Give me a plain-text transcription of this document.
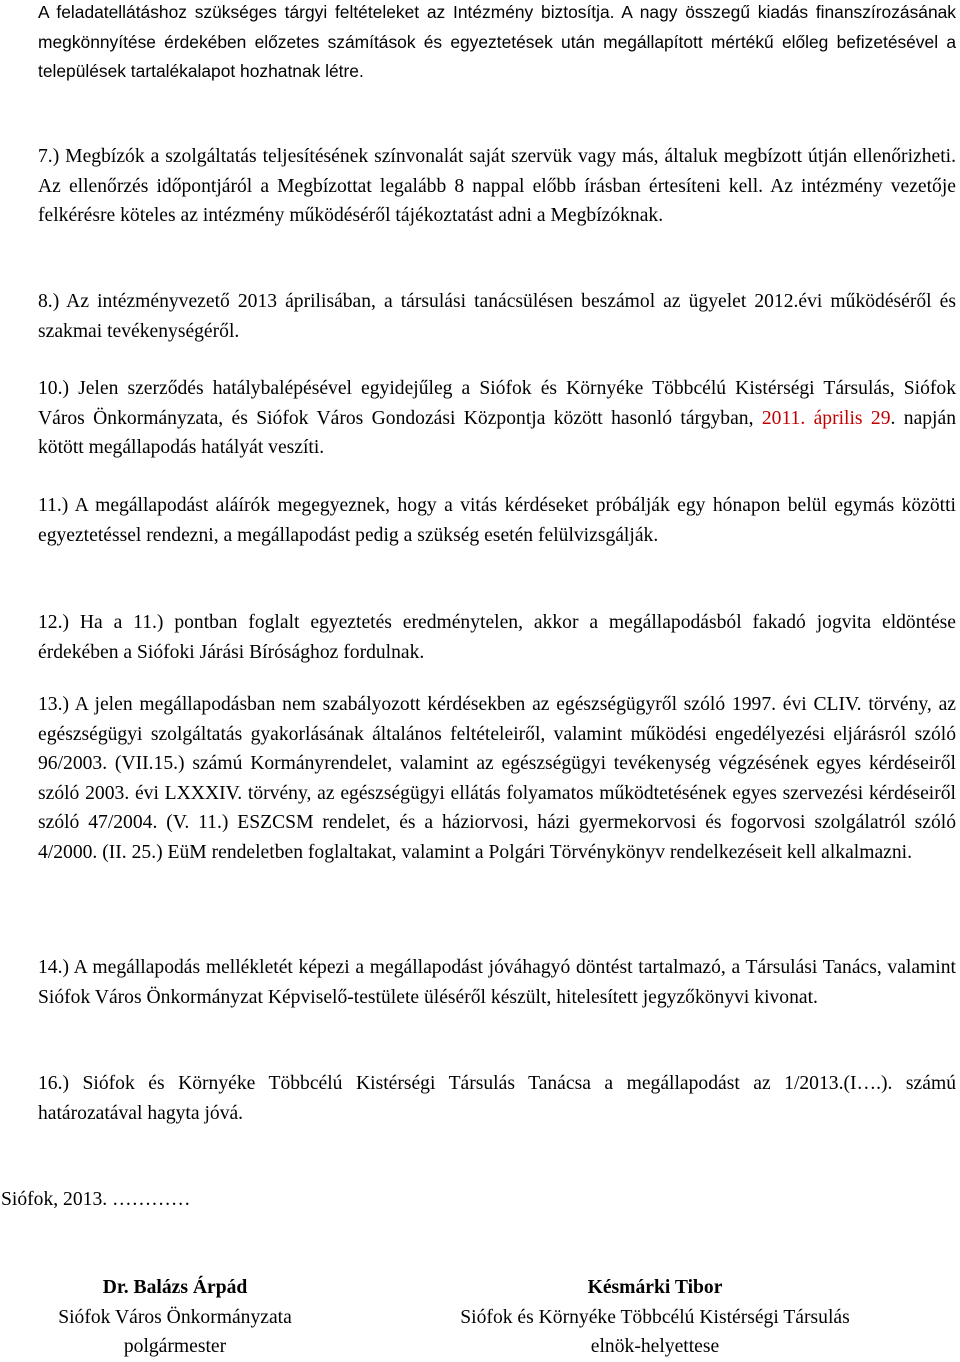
A feladatellátáshoz szükséges tárgyi feltételeket az Intézmény biztosítja. A nagy összegű kiadás finanszírozásának megkönnyítése érdekében előzetes számítások és egyeztetések után megállapított mértékű előleg befizetésével a települések tartalékalapot hozhatnak létre.

7.) Megbízók a szolgáltatás teljesítésének színvonalát saját szervük vagy más, általuk megbízott útján ellenőrizheti. Az ellenőrzés időpontjáról a Megbízottat legalább 8 nappal előbb írásban értesíteni kell. Az intézmény vezetője felkérésre köteles az intézmény működéséről tájékoztatást adni a Megbízóknak.

8.) Az intézményvezető 2013 áprilisában, a társulási tanácsülésen beszámol az ügyelet 2012.évi működéséről és szakmai tevékenységéről.

10.) Jelen szerződés hatálybalépésével egyidejűleg a Siófok és Környéke Többcélú Kistérségi Társulás, Siófok Város Önkormányzata, és Siófok Város Gondozási Központja között hasonló tárgyban, 2011. április 29. napján kötött megállapodás hatályát veszíti.

11.) A megállapodást aláírók megegyeznek, hogy a vitás kérdéseket próbálják egy hónapon belül egymás közötti egyeztetéssel rendezni, a megállapodást pedig a szükség esetén felülvizsgálják.

12.) Ha a 11.) pontban foglalt egyeztetés eredménytelen, akkor a megállapodásból fakadó jogvita eldöntése érdekében a Siófoki Járási Bírósághoz fordulnak.

13.) A jelen megállapodásban nem szabályozott kérdésekben az egészségügyről szóló 1997. évi CLIV. törvény, az egészségügyi szolgáltatás gyakorlásának általános feltételeiről, valamint működési engedélyezési eljárásról szóló 96/2003. (VII.15.) számú Kormányrendelet, valamint az egészségügyi tevékenység végzésének egyes kérdéseiről szóló 2003. évi LXXXIV. törvény, az egészségügyi ellátás folyamatos működtetésének egyes szervezési kérdéseiről szóló 47/2004. (V. 11.) ESZCSM rendelet, és a háziorvosi, házi gyermekorvosi és fogorvosi szolgálatról szóló 4/2000. (II. 25.) EüM rendeletben foglaltakat, valamint a Polgári Törvénykönyv rendelkezéseit kell alkalmazni.

14.) A megállapodás mellékletét képezi a megállapodást jóváhagyó döntést tartalmazó, a Társulási Tanács, valamint Siófok Város Önkormányzat Képviselő-testülete üléséről készült, hitelesített jegyzőkönyvi kivonat.

16.) Siófok és Környéke Többcélú Kistérségi Társulás Tanácsa a megállapodást az 1/2013.(I….). számú határozatával hagyta jóvá.

Siófok, 2013. …………
Dr. Balázs Árpád
Siófok Város Önkormányzata
polgármester
Késmárki Tibor
Siófok és Környéke Többcélú Kistérségi Társulás
elnök-helyettese
